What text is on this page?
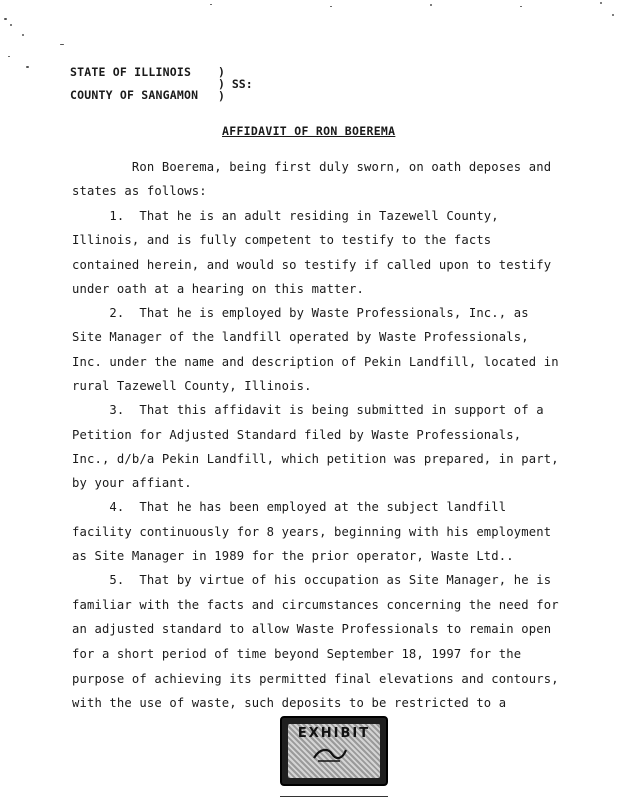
STATE OF ILLINOIS
COUNTY OF SANGAMON
)
) SS:
)
AFFIDAVIT OF RON BOEREMA
Ron Boerema, being first duly sworn, on oath deposes and
states as follows:
1.  That he is an adult residing in Tazewell County,
Illinois, and is fully competent to testify to the facts
contained herein, and would so testify if called upon to testify
under oath at a hearing on this matter.
2.  That he is employed by Waste Professionals, Inc., as
Site Manager of the landfill operated by Waste Professionals,
Inc. under the name and description of Pekin Landfill, located in
rural Tazewell County, Illinois.
3.  That this affidavit is being submitted in support of a
Petition for Adjusted Standard filed by Waste Professionals,
Inc., d/b/a Pekin Landfill, which petition was prepared, in part,
by your affiant.
4.  That he has been employed at the subject landfill
facility continuously for 8 years, beginning with his employment
as Site Manager in 1989 for the prior operator, Waste Ltd..
5.  That by virtue of his occupation as Site Manager, he is
familiar with the facts and circumstances concerning the need for
an adjusted standard to allow Waste Professionals to remain open
for a short period of time beyond September 18, 1997 for the
purpose of achieving its permitted final elevations and contours,
with the use of waste, such deposits to be restricted to a
EXHIBIT
